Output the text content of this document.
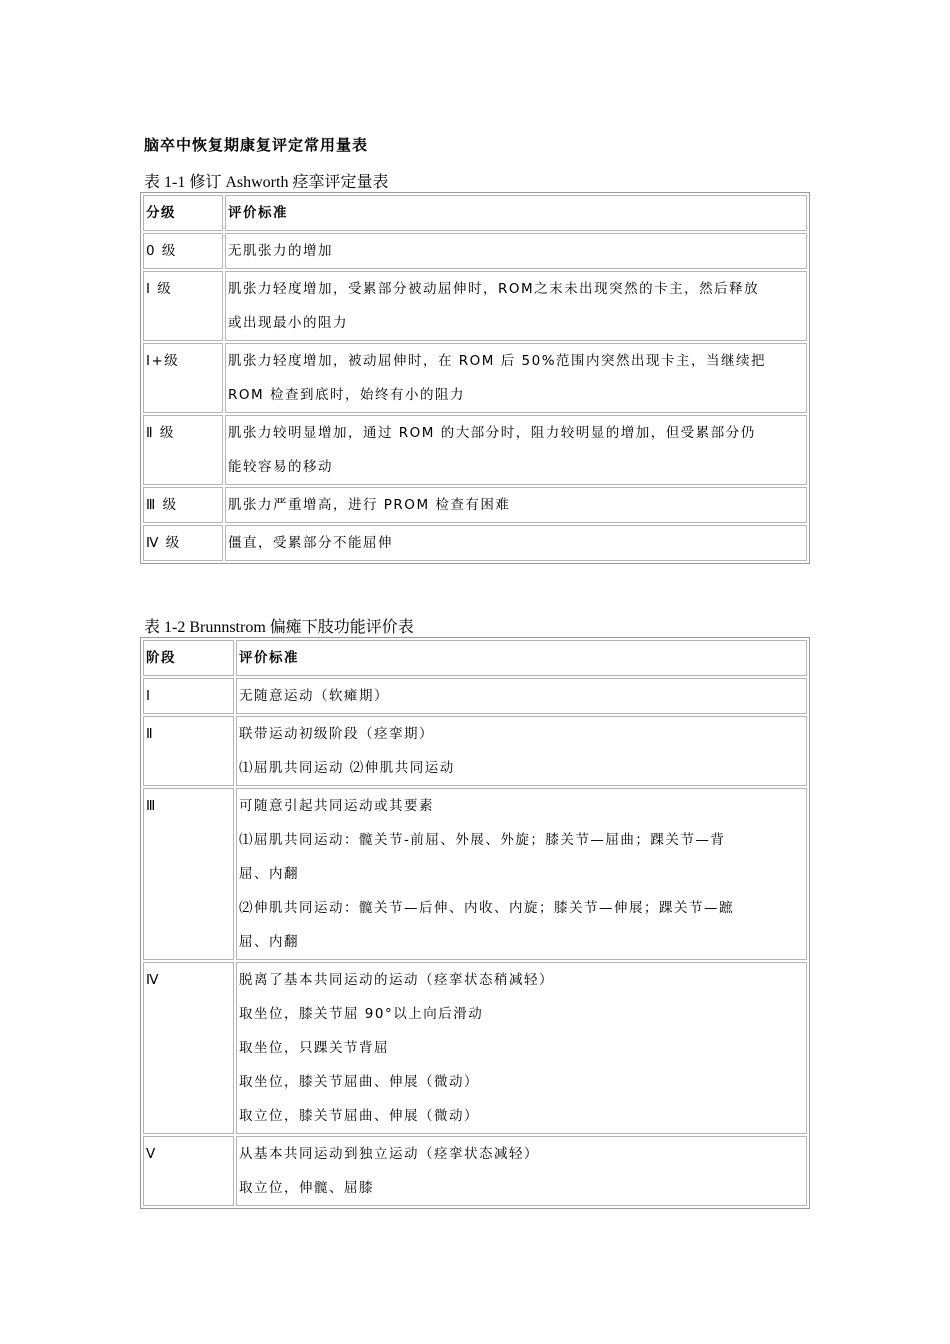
脑卒中恢复期康复评定常用量表
表 1-1 修订 Ashworth 痉挛评定量表
分级	评价标准
0 级	无肌张力的增加

Ⅰ 级	肌张力轻度增加，受累部分被动屈伸时，ROM之末未出现突然的卡主，然后释放
或出现最小的阻力

Ⅰ+级	肌张力轻度增加，被动屈伸时，在 ROM 后 50%范围内突然出现卡主，当继续把
ROM 检查到底时，始终有小的阻力

Ⅱ 级	肌张力较明显增加，通过 ROM 的大部分时，阻力较明显的增加，但受累部分仍
能较容易的移动

Ⅲ 级	肌张力严重增高，进行 PROM 检查有困难

Ⅳ 级	僵直，受累部分不能屈伸
表 1-2 Brunnstrom 偏瘫下肢功能评价表
阶段	评价标准
Ⅰ	无随意运动（软瘫期）

Ⅱ	联带运动初级阶段（痉挛期）
⑴屈肌共同运动 ⑵伸肌共同运动

Ⅲ	可随意引起共同运动或其要素
⑴屈肌共同运动：髋关节-前屈、外展、外旋；膝关节—屈曲；踝关节—背
屈、内翻
⑵伸肌共同运动：髋关节—后伸、内收、内旋；膝关节—伸展；踝关节—蹠
屈、内翻

Ⅳ	脱离了基本共同运动的运动（痉挛状态稍减轻）
取坐位，膝关节屈 90°以上向后滑动
取坐位，只踝关节背屈
取坐位，膝关节屈曲、伸展（微动）
取立位，膝关节屈曲、伸展（微动）

Ⅴ	从基本共同运动到独立运动（痉挛状态减轻）
取立位，伸髋、屈膝
